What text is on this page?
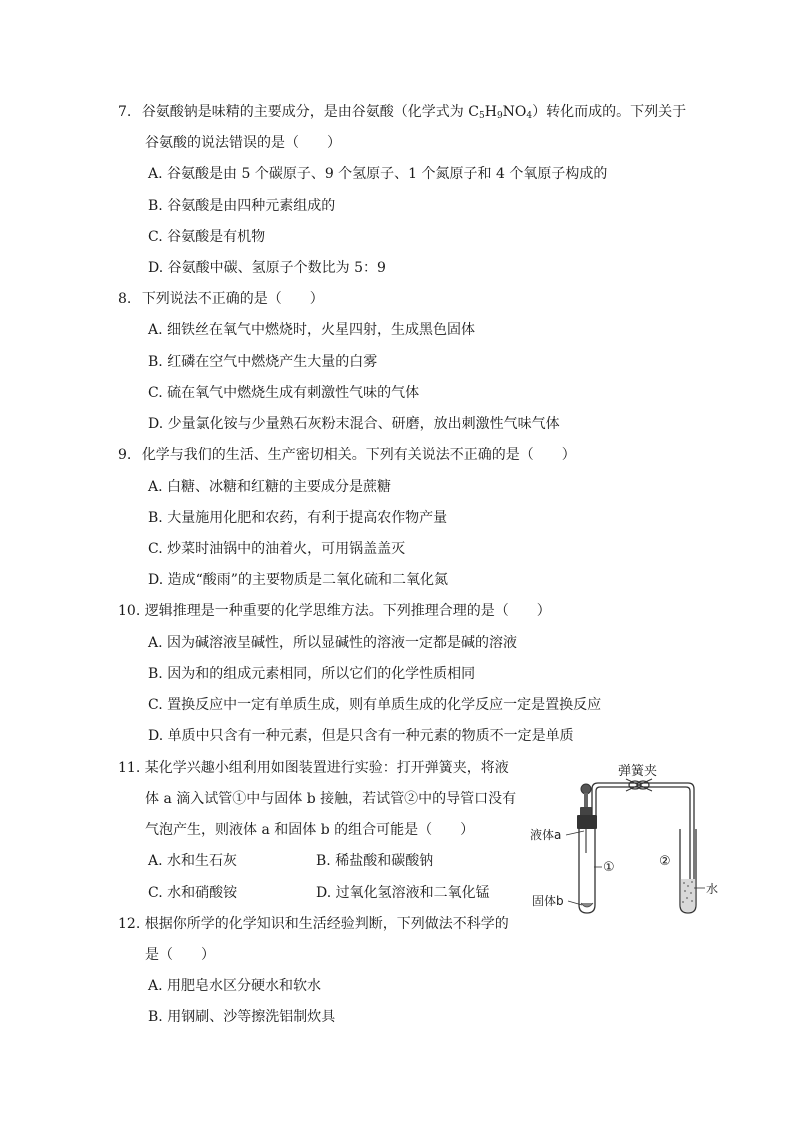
7. 谷氨酸钠是味精的主要成分，是由谷氨酸（化学式为 $C_5H_9NO_4$）转化而成的。下列关于
谷氨酸的说法错误的是（　　）
A. 谷氨酸是由 5 个碳原子、9 个氢原子、1 个氮原子和 4 个氧原子构成的
B. 谷氨酸是由四种元素组成的
C. 谷氨酸是有机物
D. 谷氨酸中碳、氢原子个数比为 5：9
8. 下列说法不正确的是（　　）
A. 细铁丝在氧气中燃烧时，火星四射，生成黑色固体
B. 红磷在空气中燃烧产生大量的白雾
C. 硫在氧气中燃烧生成有刺激性气味的气体
D. 少量氯化铵与少量熟石灰粉末混合、研磨，放出刺激性气味气体
9. 化学与我们的生活、生产密切相关。下列有关说法不正确的是（　　）
A. 白糖、冰糖和红糖的主要成分是蔗糖
B. 大量施用化肥和农药，有利于提高农作物产量
C. 炒菜时油锅中的油着火，可用锅盖盖灭
D. 造成“酸雨”的主要物质是二氧化硫和二氧化氮
10. 逻辑推理是一种重要的化学思维方法。下列推理合理的是（　　）
A. 因为碱溶液呈碱性，所以显碱性的溶液一定都是碱的溶液
B. 因为和的组成元素相同，所以它们的化学性质相同
C. 置换反应中一定有单质生成，则有单质生成的化学反应一定是置换反应
D. 单质中只含有一种元素，但是只含有一种元素的物质不一定是单质
11. 某化学兴趣小组利用如图装置进行实验：打开弹簧夹，将液
体 a 滴入试管①中与固体 b 接触，若试管②中的导管口没有
气泡产生，则液体 a 和固体 b 的组合可能是（　　）
A. 水和生石灰	B. 稀盐酸和碳酸钠
C. 水和硝酸铵	D. 过氧化氢溶液和二氧化锰
弹簧夹
液体a
①	②
水
固体b
12. 根据你所学的化学知识和生活经验判断，下列做法不科学的
是（　　）
A. 用肥皂水区分硬水和软水
B. 用钢刷、沙等擦洗铝制炊具
